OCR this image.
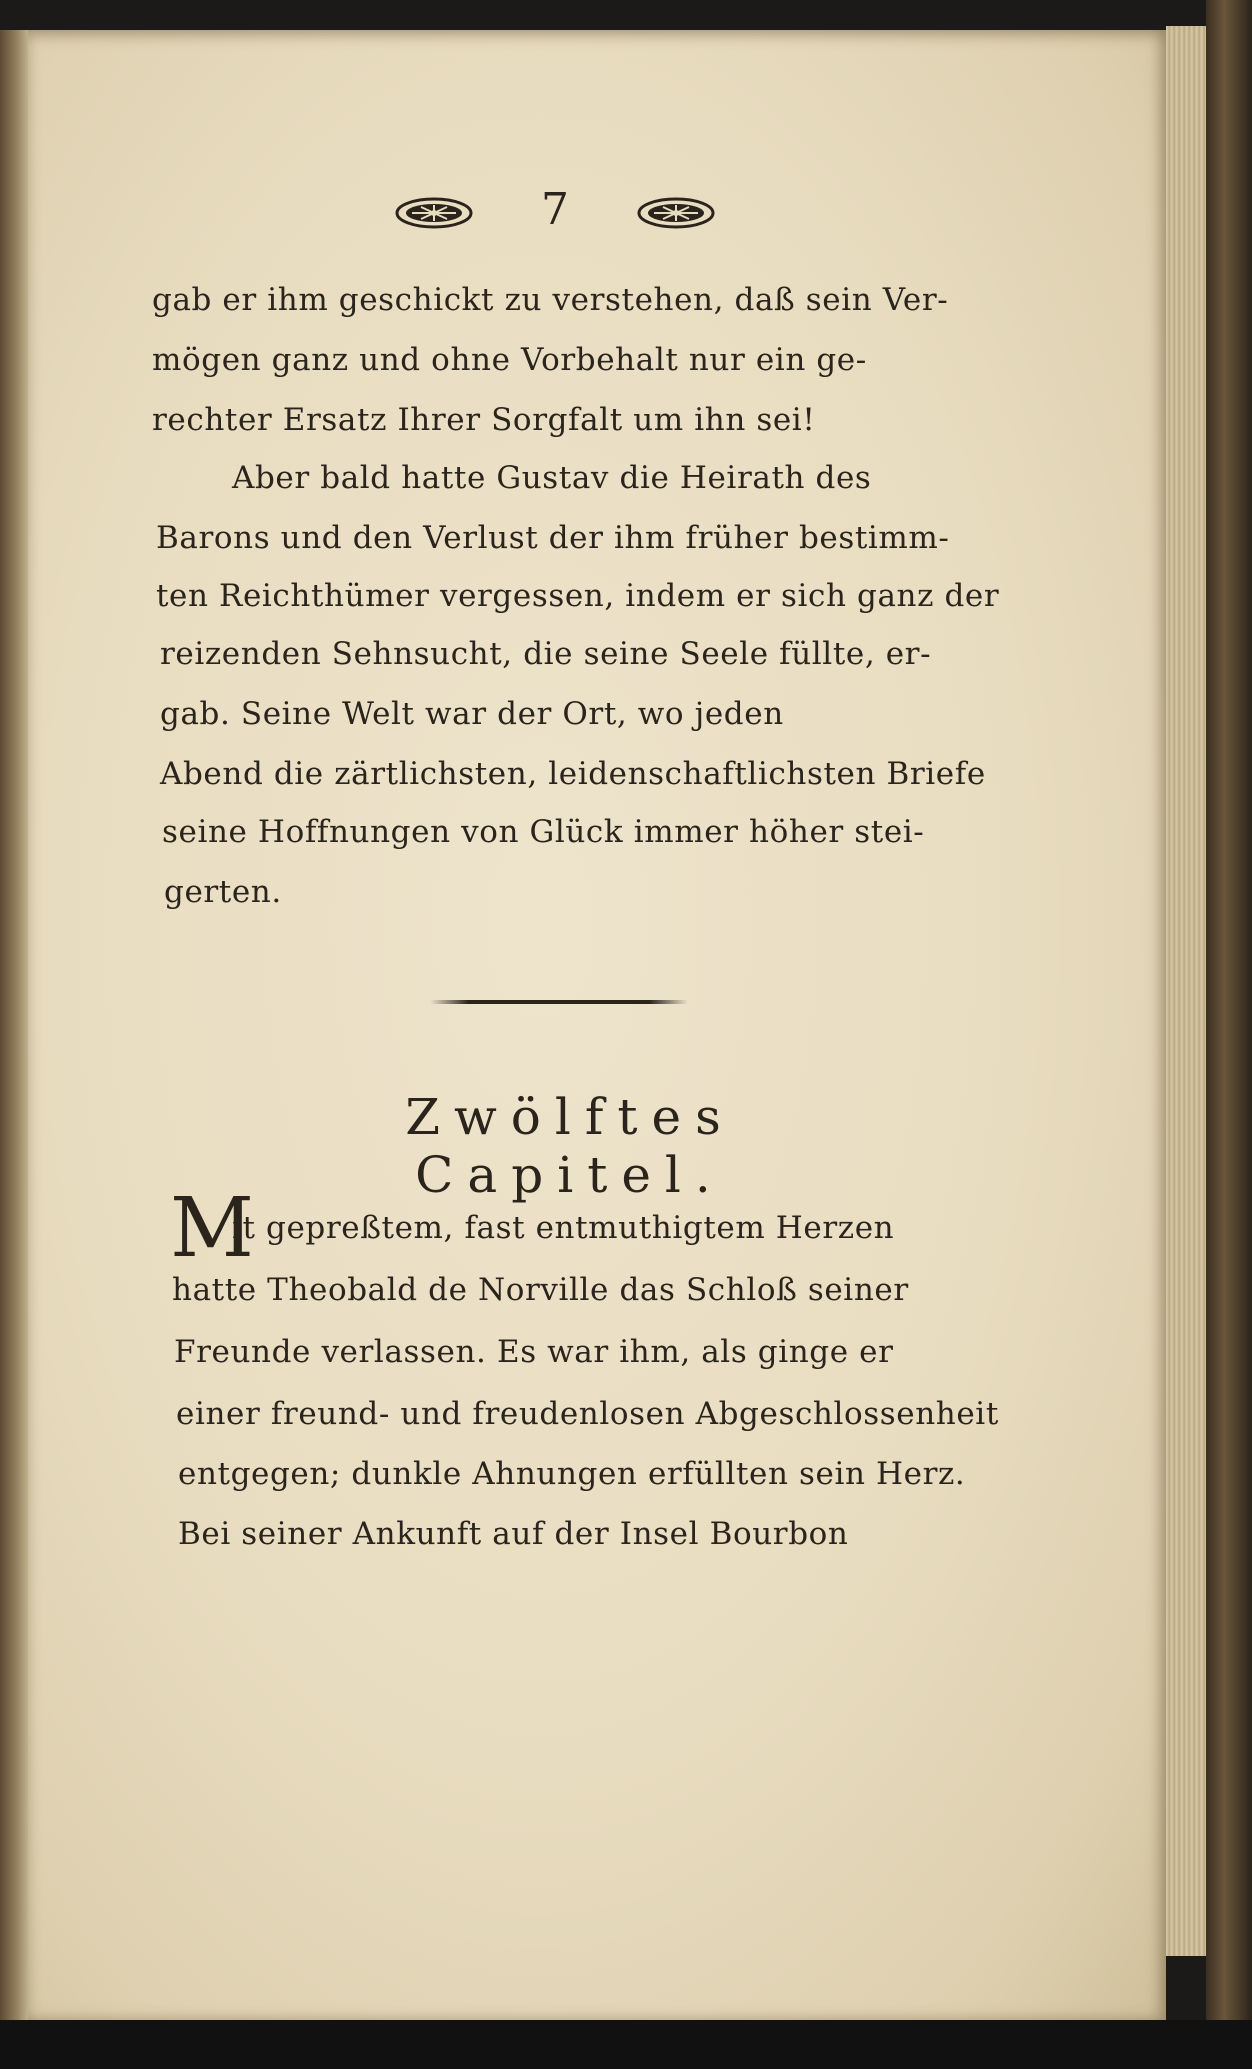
7
gab er ihm geschickt zu verstehen, daß sein Ver-
mögen ganz und ohne Vorbehalt nur ein ge-
rechter Ersatz Ihrer Sorgfalt um ihn sei!
Aber bald hatte Gustav die Heirath des
Barons und den Verlust der ihm früher bestimm-
ten Reichthümer vergessen, indem er sich ganz der
reizenden Sehnsucht, die seine Seele füllte, er-
gab. Seine Welt war der Ort, wo jeden
Abend die zärtlichsten, leidenschaftlichsten Briefe
seine Hoffnungen von Glück immer höher stei-
gerten.
Zwölftes Capitel.
M
it gepreßtem, fast entmuthigtem Herzen
hatte Theobald de Norville das Schloß seiner
Freunde verlassen. Es war ihm, als ginge er
einer freund- und freudenlosen Abgeschlossenheit
entgegen; dunkle Ahnungen erfüllten sein Herz.
Bei seiner Ankunft auf der Insel Bourbon
